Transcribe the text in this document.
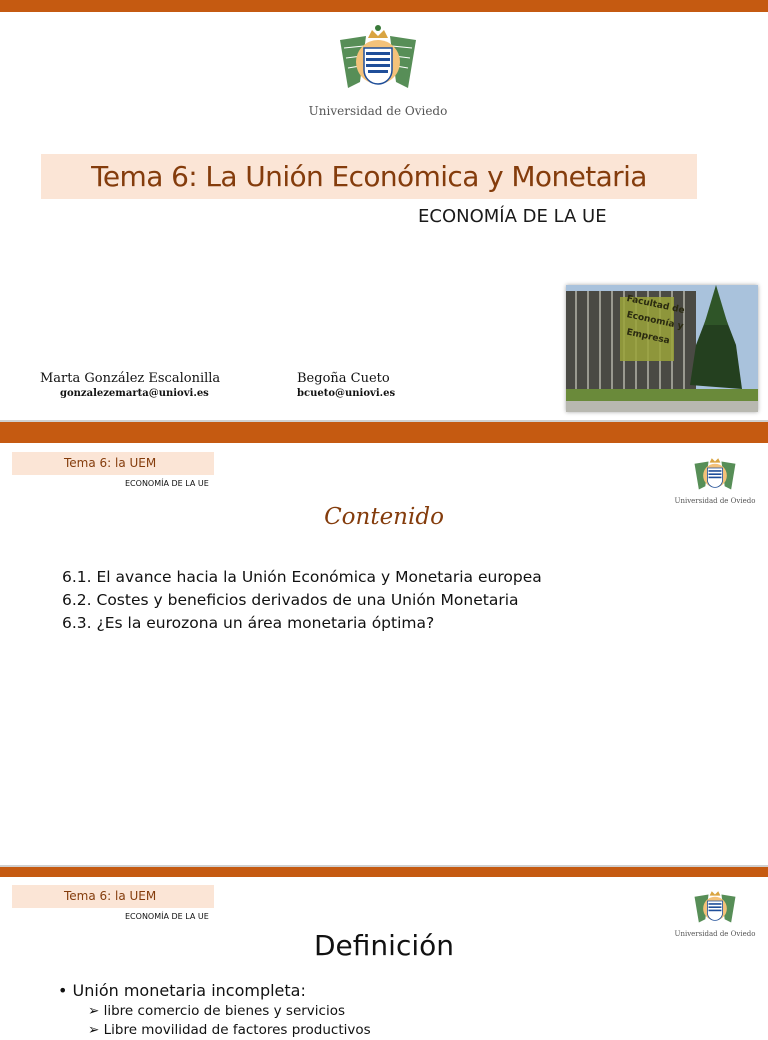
Universidad de Oviedo
Tema 6: La Unión Económica y Monetaria
ECONOMÍA DE LA UE
Marta González Escalonilla
gonzalezemarta@uniovi.es
Begoña Cueto
bcueto@uniovi.es
Facultad de
Economía y
Empresa
Tema 6: la UEM
ECONOMÍA DE LA UE
Universidad de Oviedo
Contenido
6.1. El avance hacia la Unión Económica y Monetaria europea
6.2. Costes y beneficios derivados de una Unión Monetaria
6.3. ¿Es la eurozona un área monetaria óptima?
Tema 6: la UEM
ECONOMÍA DE LA UE
Universidad de Oviedo
Definición
• Unión monetaria incompleta:
➢ libre comercio de bienes y servicios
➢ Libre movilidad de factores productivos
